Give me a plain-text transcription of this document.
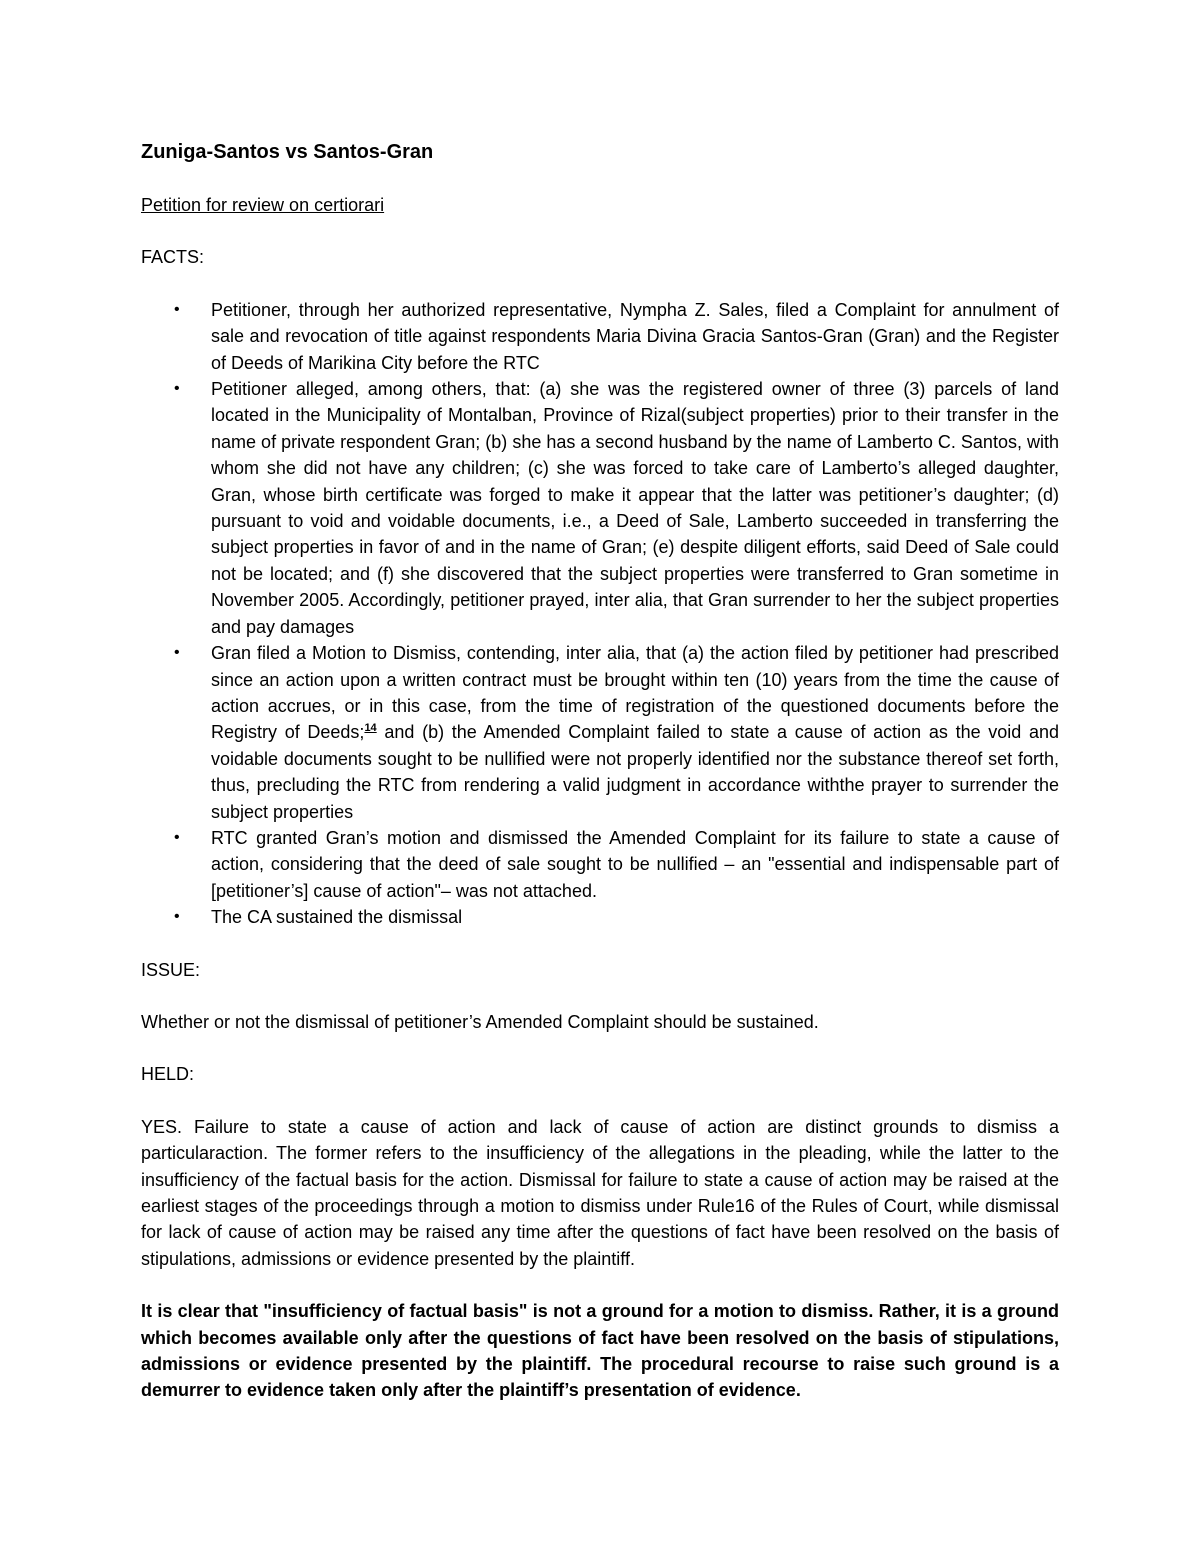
Zuniga-Santos vs Santos-Gran
Petition for review on certiorari
FACTS:
• Petitioner, through her authorized representative, Nympha Z. Sales, filed a Complaint for annulment of sale and revocation of title against respondents Maria Divina Gracia Santos-Gran (Gran) and the Register of Deeds of Marikina City before the RTC
• Petitioner alleged, among others, that: (a) she was the registered owner of three (3) parcels of land located in the Municipality of Montalban, Province of Rizal(subject properties) prior to their transfer in the name of private respondent Gran; (b) she has a second husband by the name of Lamberto C. Santos, with whom she did not have any children; (c) she was forced to take care of Lamberto’s alleged daughter, Gran, whose birth certificate was forged to make it appear that the latter was petitioner’s daughter; (d) pursuant to void and voidable documents, i.e., a Deed of Sale, Lamberto succeeded in transferring the subject properties in favor of and in the name of Gran; (e) despite diligent efforts, said Deed of Sale could not be located; and (f) she discovered that the subject properties were transferred to Gran sometime in November 2005. Accordingly, petitioner prayed, inter alia, that Gran surrender to her the subject properties and pay damages
• Gran filed a Motion to Dismiss, contending, inter alia, that (a) the action filed by petitioner had prescribed since an action upon a written contract must be brought within ten (10) years from the time the cause of action accrues, or in this case, from the time of registration of the questioned documents before the Registry of Deeds;$^{14}$ and (b) the Amended Complaint failed to state a cause of action as the void and voidable documents sought to be nullified were not properly identified nor the substance thereof set forth, thus, precluding the RTC from rendering a valid judgment in accordance withthe prayer to surrender the subject properties
• RTC granted Gran’s motion and dismissed the Amended Complaint for its failure to state a cause of action, considering that the deed of sale sought to be nullified – an "essential and indispensable part of [petitioner’s] cause of action"– was not attached.
• The CA sustained the dismissal
ISSUE:
Whether or not the dismissal of petitioner’s Amended Complaint should be sustained.
HELD:
YES. Failure to state a cause of action and lack of cause of action are distinct grounds to dismiss a particularaction. The former refers to the insufficiency of the allegations in the pleading, while the latter to the insufficiency of the factual basis for the action. Dismissal for failure to state a cause of action may be raised at the earliest stages of the proceedings through a motion to dismiss under Rule16 of the Rules of Court, while dismissal for lack of cause of action may be raised any time after the questions of fact have been resolved on the basis of stipulations, admissions or evidence presented by the plaintiff.
It is clear that "insufficiency of factual basis" is not a ground for a motion to dismiss. Rather, it is a ground which becomes available only after the questions of fact have been resolved on the basis of stipulations, admissions or evidence presented by the plaintiff. The procedural recourse to raise such ground is a demurrer to evidence taken only after the plaintiff’s presentation of evidence.
